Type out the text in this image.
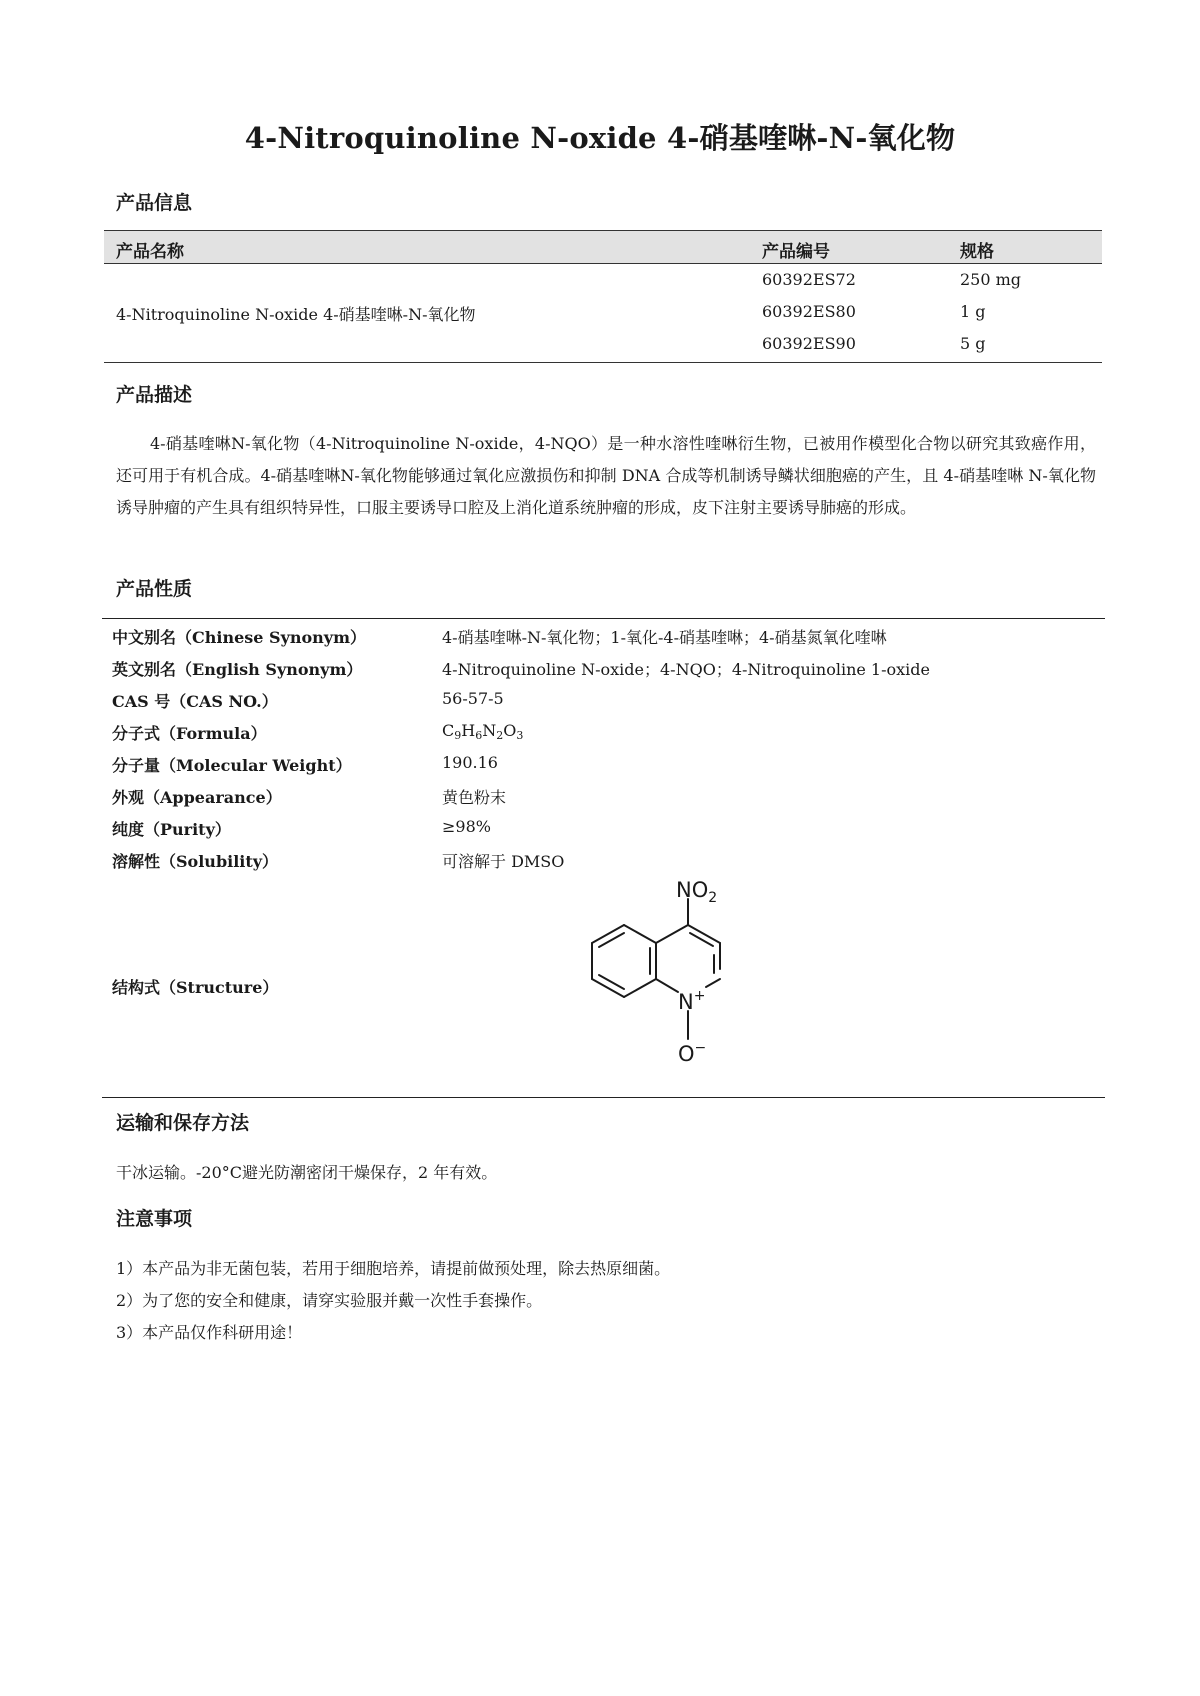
4-Nitroquinoline N-oxide 4-硝基喹啉-N-氧化物
产品信息
产品名称	产品编号	规格
4-Nitroquinoline N-oxide 4-硝基喹啉-N-氧化物
60392ES72	250 mg
60392ES80	1 g
60392ES90	5 g
产品描述

4-硝基喹啉N-氧化物（4-Nitroquinoline N-oxide，4-NQO）是一种水溶性喹啉衍生物，已被用作模型化合物以研究其致癌作用，还可用于有机合成。4-硝基喹啉N-氧化物能够通过氧化应激损伤和抑制 DNA 合成等机制诱导鳞状细胞癌的产生，且 4-硝基喹啉 N-氧化物诱导肿瘤的产生具有组织特异性，口服主要诱导口腔及上消化道系统肿瘤的形成，皮下注射主要诱导肺癌的形成。

产品性质
中文别名（Chinese Synonym）	4-硝基喹啉-N-氧化物；1-氧化-4-硝基喹啉；4-硝基氮氧化喹啉
英文别名（English Synonym）	4-Nitroquinoline N-oxide；4-NQO；4-Nitroquinoline 1-oxide
CAS 号（CAS NO.）	56-57-5
分子式（Formula）	$C_9H_6N_2O_3$
分子量（Molecular Weight）	190.16
外观（Appearance）	黄色粉末
纯度（Purity）	≥98%
溶解性（Solubility）	可溶解于 DMSO
结构式（Structure）
$NO_2$
N+
O−
运输和保存方法
干冰运输。-20°C避光防潮密闭干燥保存，2 年有效。
注意事项
1）本产品为非无菌包装，若用于细胞培养，请提前做预处理，除去热原细菌。
2）为了您的安全和健康，请穿实验服并戴一次性手套操作。
3）本产品仅作科研用途！
